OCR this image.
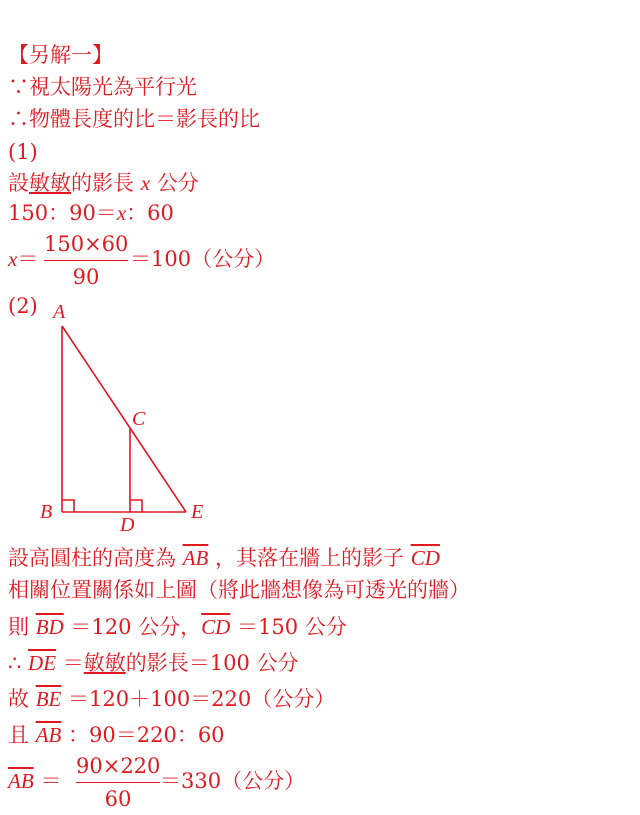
【另解一】
∵視太陽光為平行光
∴物體長度的比＝影長的比
(1)
設敏敏的影長 x 公分
150：90＝x：60
x＝
150×60
90
＝100（公分）
(2) A
C
B
D
E
設高圓柱的高度為 $\overline{AB}$ ，其落在牆上的影子 $\overline{CD}$
相關位置關係如上圖（將此牆想像為可透光的牆）
則 $\overline{BD} =120$ 公分，$\overline{CD} =150$ 公分
∴ $\overline{DE}$ ＝敏敏的影長＝100 公分
故 $\overline{BE} =120+100=220$（公分）
且 $\overline{AB}$ ：90＝220：60
$\overline{AB}$ ＝
90×220
60
＝330（公分）
